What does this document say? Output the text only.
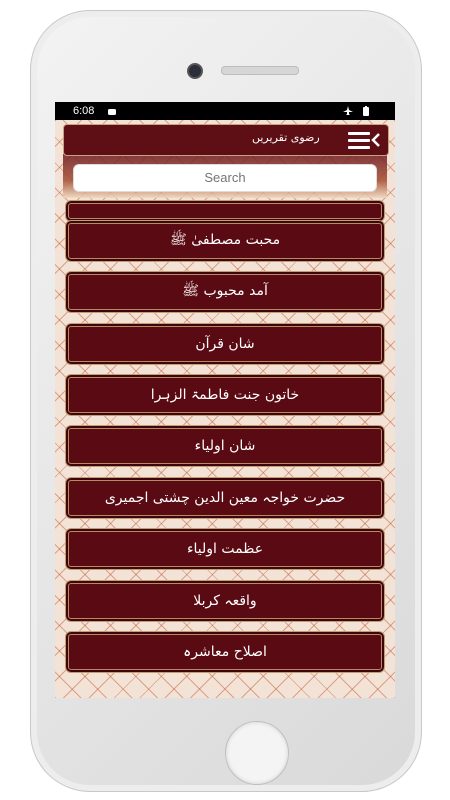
6:08
محبت مصطفیٰ ﷺ
آمد محبوب ﷺ
شان قرآن
خاتون جنت فاطمۃ الزہرا
شان اولیاء
حضرت خواجہ معین الدین چشتی اجمیری
عظمت اولیاء
واقعہ کربلا
اصلاح معاشرہ
رضوی تقریریں
Search
